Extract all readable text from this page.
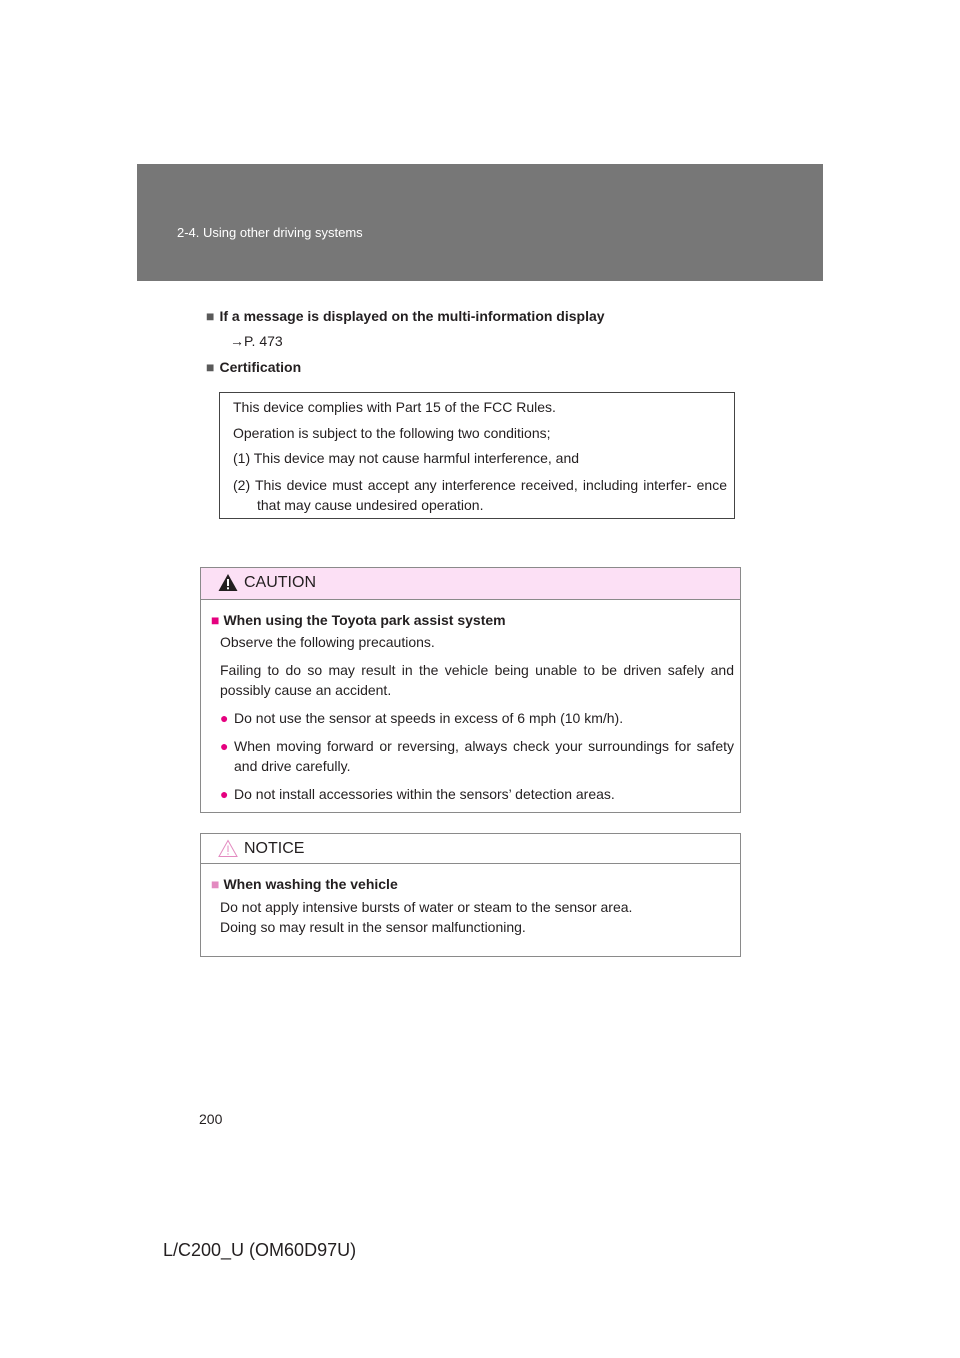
2-4. Using other driving systems
■ If a message is displayed on the multi-information display
→P. 473
■ Certification
This device complies with Part 15 of the FCC Rules.
Operation is subject to the following two conditions;
(1) This device may not cause harmful interference, and
(2) This device must accept any interference received, including interfer- ence that may cause undesired operation.
CAUTION
■ When using the Toyota park assist system
Observe the following precautions.
Failing to do so may result in the vehicle being unable to be driven safely and possibly cause an accident.
● Do not use the sensor at speeds in excess of 6 mph (10 km/h).
● When moving forward or reversing, always check your surroundings for safety and drive carefully.
● Do not install accessories within the sensors’ detection areas.
NOTICE
■ When washing the vehicle
Do not apply intensive bursts of water or steam to the sensor area.
Doing so may result in the sensor malfunctioning.
200
L/C200_U (OM60D97U)
